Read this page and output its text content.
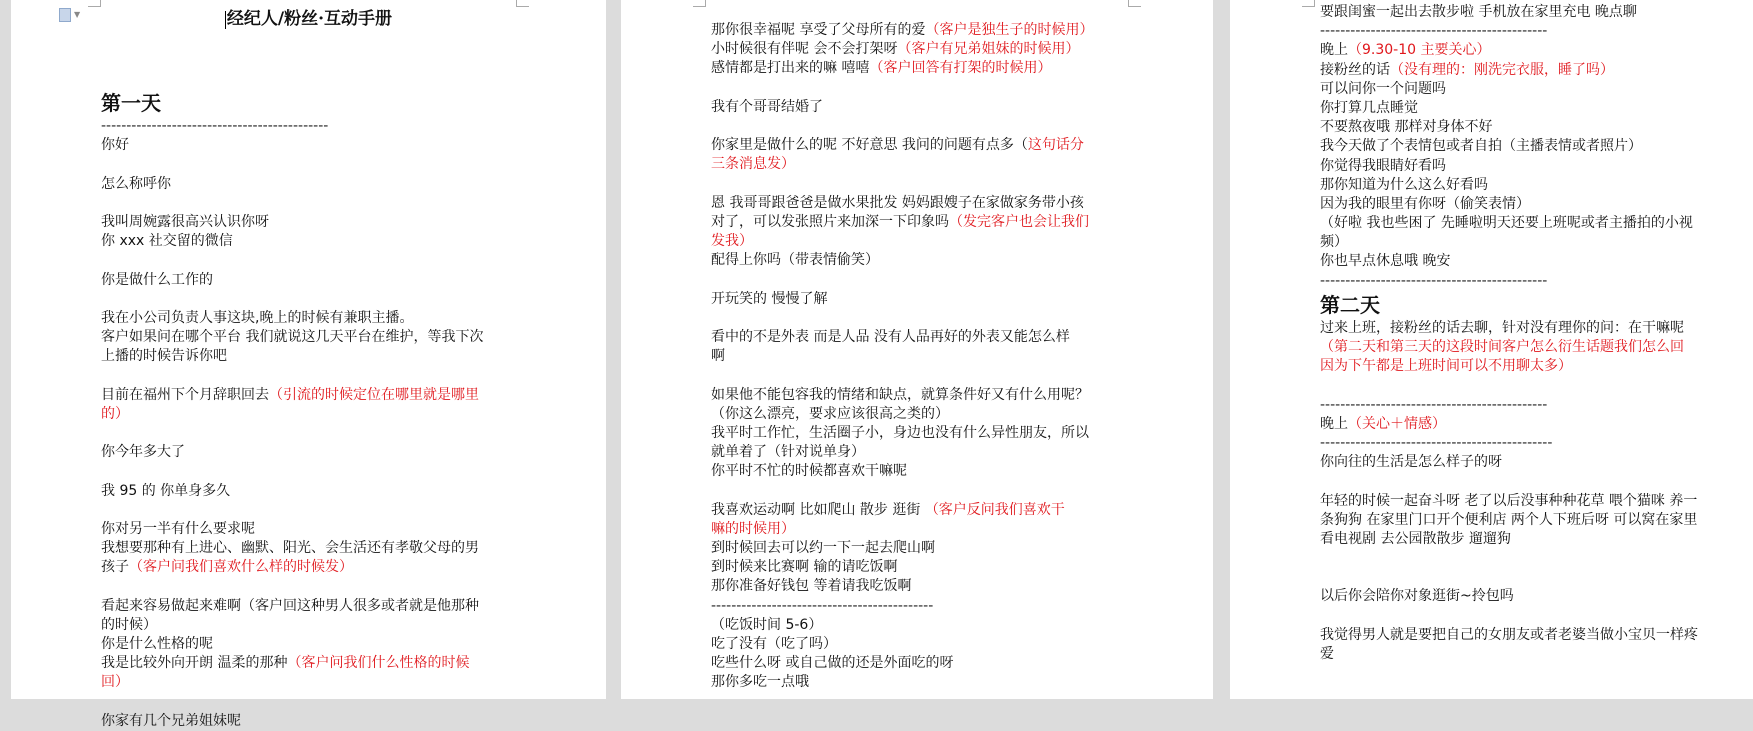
▼	经纪人/粉丝·互动手册
第一天
---------------------------------------------
你好
怎么称呼你
我叫周婉露很高兴认识你呀
你 xxx 社交留的微信
你是做什么工作的
我在小公司负责人事这块,晚上的时候有兼职主播。
客户如果问在哪个平台 我们就说这几天平台在维护，等我下次
上播的时候告诉你吧
目前在福州下个月辞职回去（引流的时候定位在哪里就是哪里
的）
你今年多大了
我 95 的 你单身多久
你对另一半有什么要求呢
我想要那种有上进心、幽默、阳光、会生活还有孝敬父母的男
孩子（客户问我们喜欢什么样的时候发）
看起来容易做起来难啊（客户回这种男人很多或者就是他那种
的时候）
你是什么性格的呢
我是比较外向开朗 温柔的那种（客户问我们什么性格的时候
回）
你家有几个兄弟姐妹呢
那你很幸福呢 享受了父母所有的爱（客户是独生子的时候用）
小时候很有伴呢 会不会打架呀（客户有兄弟姐妹的时候用）
感情都是打出来的嘛 嘻嘻（客户回答有打架的时候用）
我有个哥哥结婚了
你家里是做什么的呢 不好意思 我问的问题有点多（这句话分
三条消息发）
恩 我哥哥跟爸爸是做水果批发 妈妈跟嫂子在家做家务带小孩
对了，可以发张照片来加深一下印象吗（发完客户也会让我们
发我）
配得上你吗（带表情偷笑）
开玩笑的 慢慢了解
看中的不是外表 而是人品 没有人品再好的外表又能怎么样
啊
如果他不能包容我的情绪和缺点，就算条件好又有什么用呢？
（你这么漂亮，要求应该很高之类的）
我平时工作忙，生活圈子小，身边也没有什么异性朋友，所以
就单着了（针对说单身）
你平时不忙的时候都喜欢干嘛呢
我喜欢运动啊 比如爬山 散步 逛街 （客户反问我们喜欢干
嘛的时候用）
到时候回去可以约一下一起去爬山啊
到时候来比赛啊 输的请吃饭啊
那你准备好钱包 等着请我吃饭啊
--------------------------------------------
（吃饭时间 5-6）
吃了没有（吃了吗）
吃些什么呀 或自己做的还是外面吃的呀
那你多吃一点哦
要跟闺蜜一起出去散步啦 手机放在家里充电 晚点聊
---------------------------------------------
晚上（9.30-10 主要关心）
接粉丝的话（没有理的：刚洗完衣服，睡了吗）
可以问你一个问题吗
你打算几点睡觉
不要熬夜哦 那样对身体不好
我今天做了个表情包或者自拍（主播表情或者照片）
你觉得我眼睛好看吗
那你知道为什么这么好看吗
因为我的眼里有你呀（偷笑表情）
（好啦 我也些困了 先睡啦明天还要上班呢或者主播拍的小视
频）
你也早点休息哦 晚安
---------------------------------------------
第二天
过来上班，接粉丝的话去聊，针对没有理你的问：在干嘛呢
（第二天和第三天的这段时间客户怎么衍生话题我们怎么回
因为下午都是上班时间可以不用聊太多）
---------------------------------------------
晚上（关心＋情感）
----------------------------------------------
你向往的生活是怎么样子的呀
年轻的时候一起奋斗呀 老了以后没事种种花草 喂个猫咪 养一
条狗狗 在家里门口开个便利店 两个人下班后呀 可以窝在家里
看电视剧 去公园散散步 遛遛狗
以后你会陪你对象逛街~拎包吗
我觉得男人就是要把自己的女朋友或者老婆当做小宝贝一样疼
爱
